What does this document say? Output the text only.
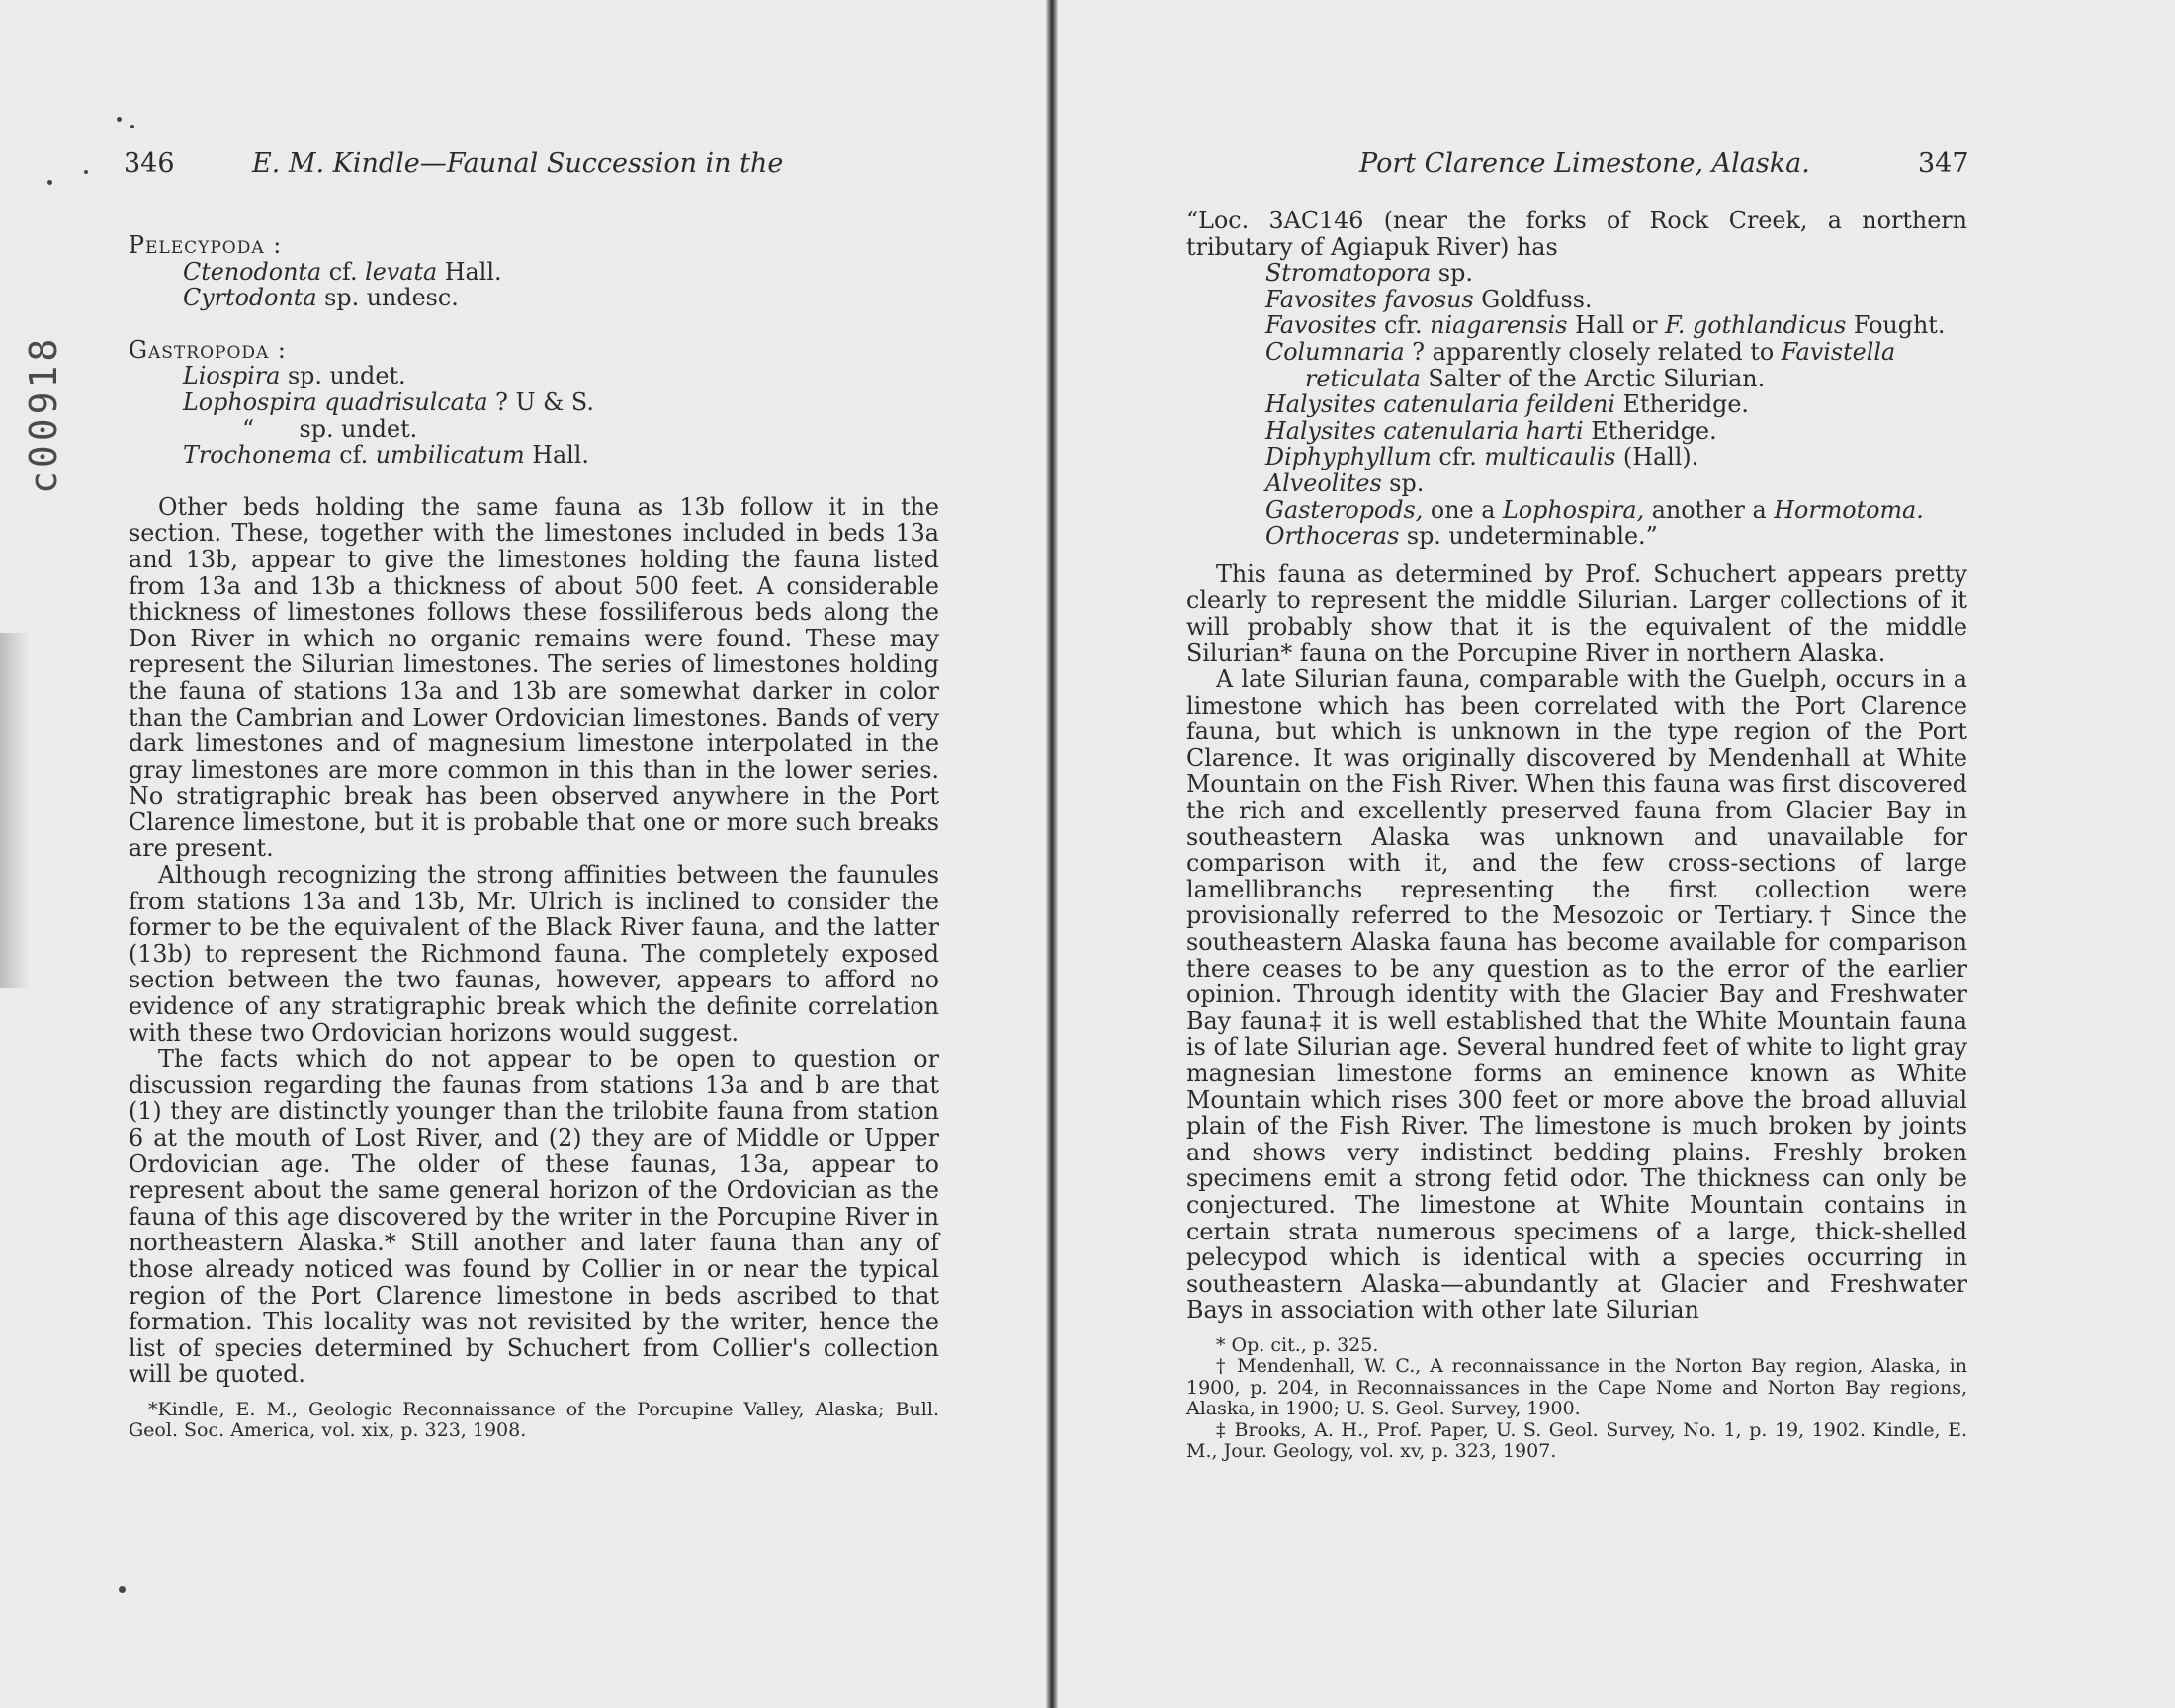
c00918
346	E. M. Kindle—Faunal Succession in the
Pelecypoda :
Ctenodonta cf. levata Hall.
Cyrtodonta sp. undesc.
Gastropoda :
Liospira sp. undet.
Lophospira quadrisulcata ? U & S.
“      sp. undet.
Trochonema cf. umbilicatum Hall.

Other beds holding the same fauna as 13b follow it in the section. These, together with the limestones included in beds 13a and 13b, appear to give the limestones holding the fauna listed from 13a and 13b a thickness of about 500 feet. A considerable thickness of limestones follows these fossiliferous beds along the Don River in which no organic remains were found. These may represent the Silurian limestones. The series of limestones holding the fauna of stations 13a and 13b are somewhat darker in color than the Cambrian and Lower Ordovician limestones. Bands of very dark limestones and of magnesium limestone interpolated in the gray limestones are more common in this than in the lower series. No stratigraphic break has been observed anywhere in the Port Clarence limestone, but it is probable that one or more such breaks are present.

Although recognizing the strong affinities between the faunules from stations 13a and 13b, Mr. Ulrich is inclined to consider the former to be the equivalent of the Black River fauna, and the latter (13b) to represent the Richmond fauna. The completely exposed section between the two faunas, however, appears to afford no evidence of any stratigraphic break which the definite correlation with these two Ordovician horizons would suggest.

The facts which do not appear to be open to question or discussion regarding the faunas from stations 13a and b are that (1) they are distinctly younger than the trilobite fauna from station 6 at the mouth of Lost River, and (2) they are of Middle or Upper Ordovician age. The older of these faunas, 13a, appear to represent about the same general horizon of the Ordovician as the fauna of this age discovered by the writer in the Porcupine River in northeastern Alaska.* Still another and later fauna than any of those already noticed was found by Collier in or near the typical region of the Port Clarence limestone in beds ascribed to that formation. This locality was not revisited by the writer, hence the list of species determined by Schuchert from Collier's collection will be quoted.

*Kindle, E. M., Geologic Reconnaissance of the Porcupine Valley, Alaska; Bull. Geol. Soc. America, vol. xix, p. 323, 1908.

Port Clarence Limestone, Alaska.	347

“Loc. 3AC146 (near the forks of Rock Creek, a northern tributary of Agiapuk River) has

Stromatopora sp.
Favosites favosus Goldfuss.
Favosites cfr. niagarensis Hall or F. gothlandicus Fought.
Columnaria ? apparently closely related to Favistella
reticulata Salter of the Arctic Silurian.
Halysites catenularia feildeni Etheridge.
Halysites catenularia harti Etheridge.
Diphyphyllum cfr. multicaulis (Hall).
Alveolites sp.
Gasteropods, one a Lophospira, another a Hormotoma.
Orthoceras sp. undeterminable.”

This fauna as determined by Prof. Schuchert appears pretty clearly to represent the middle Silurian. Larger collections of it will probably show that it is the equivalent of the middle Silurian* fauna on the Porcupine River in northern Alaska.

A late Silurian fauna, comparable with the Guelph, occurs in a limestone which has been correlated with the Port Clarence fauna, but which is unknown in the type region of the Port Clarence. It was originally discovered by Mendenhall at White Mountain on the Fish River. When this fauna was first discovered the rich and excellently preserved fauna from Glacier Bay in southeastern Alaska was unknown and unavailable for comparison with it, and the few cross-sections of large lamellibranchs representing the first collection were provisionally referred to the Mesozoic or Tertiary.† Since the southeastern Alaska fauna has become available for comparison there ceases to be any question as to the error of the earlier opinion. Through identity with the Glacier Bay and Freshwater Bay fauna‡ it is well established that the White Mountain fauna is of late Silurian age. Several hundred feet of white to light gray magnesian limestone forms an eminence known as White Mountain which rises 300 feet or more above the broad alluvial plain of the Fish River. The limestone is much broken by joints and shows very indistinct bedding plains. Freshly broken specimens emit a strong fetid odor. The thickness can only be conjectured. The limestone at White Mountain contains in certain strata numerous specimens of a large, thick-shelled pelecypod which is identical with a species occurring in southeastern Alaska—abundantly at Glacier and Freshwater Bays in association with other late Silurian

* Op. cit., p. 325.

† Mendenhall, W. C., A reconnaissance in the Norton Bay region, Alaska, in 1900, p. 204, in Reconnaissances in the Cape Nome and Norton Bay regions, Alaska, in 1900; U. S. Geol. Survey, 1900.

‡ Brooks, A. H., Prof. Paper, U. S. Geol. Survey, No. 1, p. 19, 1902. Kindle, E. M., Jour. Geology, vol. xv, p. 323, 1907.
